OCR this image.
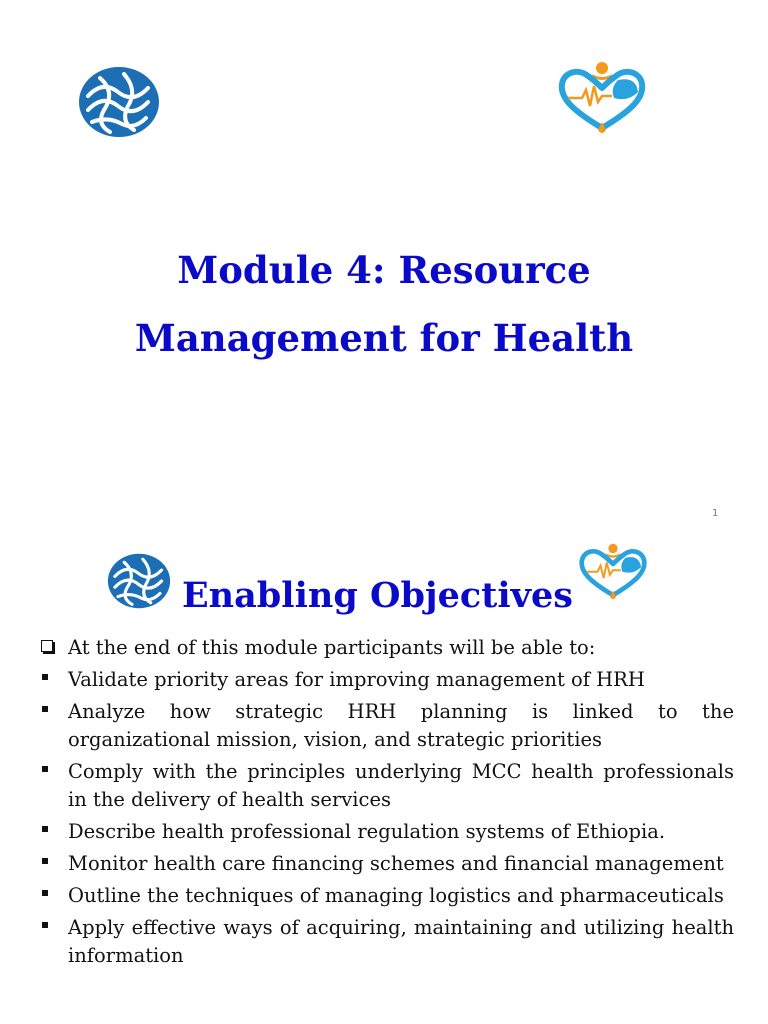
Module 4: Resource
Management for Health
1
Enabling Objectives
At the end of this module participants will be able to:
Validate priority areas for improving management of HRH
Analyze how strategic HRH planning is linked to the organizational mission, vision, and strategic priorities
Comply with the principles underlying MCC health professionals in the delivery of health services
Describe health professional regulation systems of Ethiopia.
Monitor health care financing schemes and financial management
Outline the techniques of managing logistics and pharmaceuticals
Apply effective ways of acquiring, maintaining and utilizing health information
